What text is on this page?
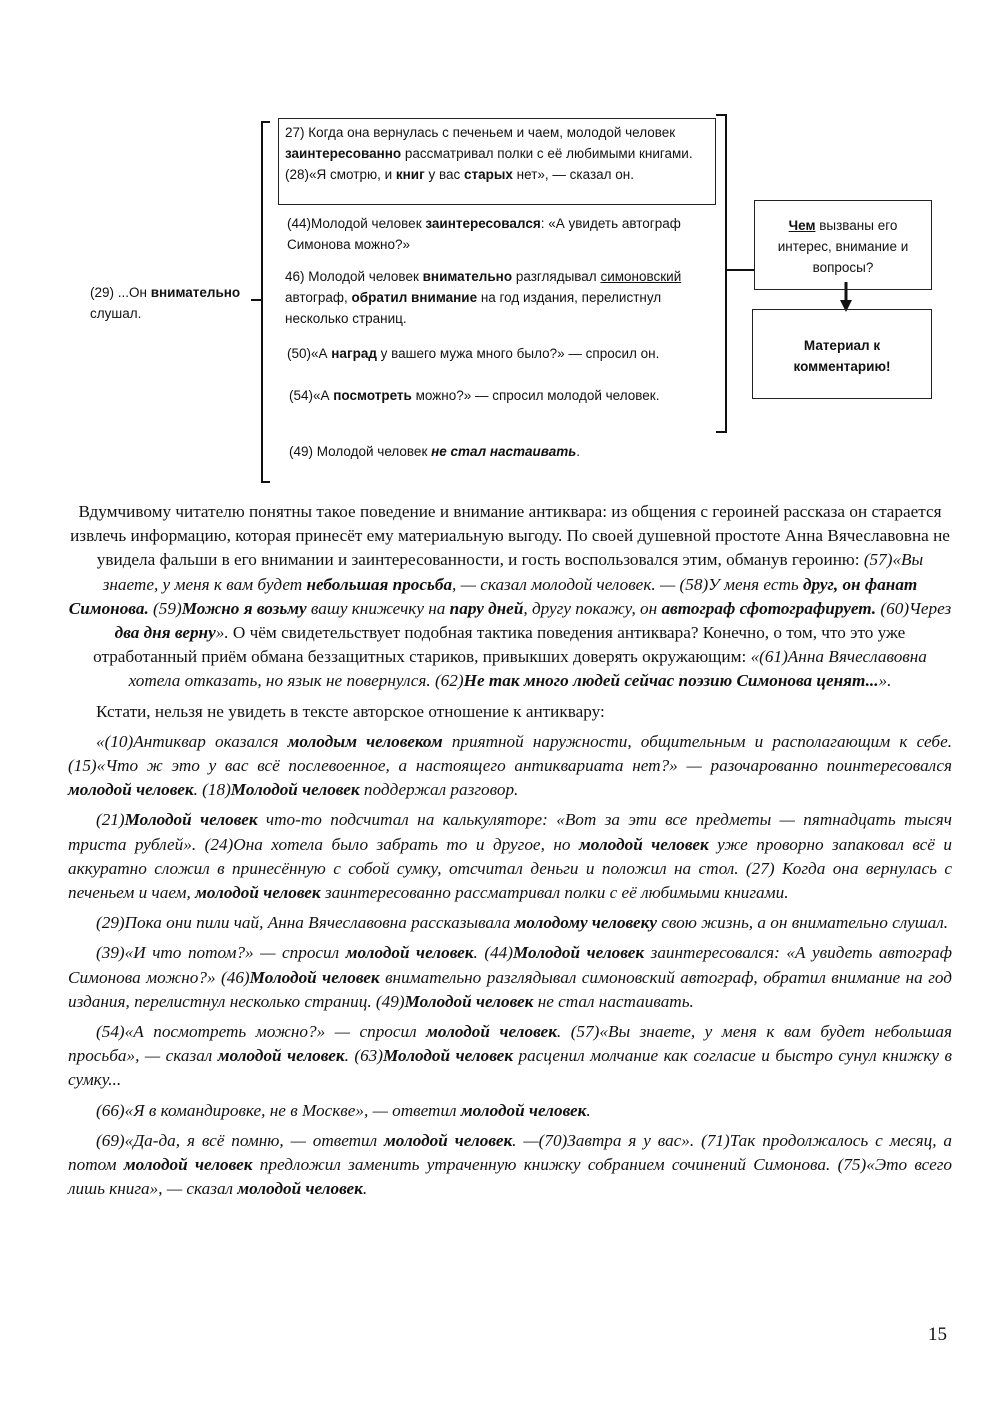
(29) ...Он внимательно слушал.
27) Когда она вернулась с печеньем и чаем, молодой человек заинтересованно рассматривал полки с её любимыми книгами. (28)«Я смотрю, и книг у вас старых нет», — сказал он.
(44)Молодой человек заинтересовался: «А увидеть автограф Симонова можно?»
46) Молодой человек внимательно разглядывал симоновский автограф, обратил внимание на год издания, перелистнул несколько страниц.
(50)«А наград у вашего мужа много было?» — спросил он.
(54)«А посмотреть можно?» — спросил молодой человек.
(49) Молодой человек не стал настаивать.
Чем вызваны его интерес, внимание и вопросы?
Материал к комментарию!

Вдумчивому читателю понятны такое поведение и внимание антиквара: из общения с героиней рассказа он старается извлечь информацию, которая принесёт ему материальную выгоду. По своей душевной простоте Анна Вячеславовна не увидела фальши в его внимании и заинтересованности, и гость воспользовался этим, обманув героиню: (57)«Вы знаете, у меня к вам будет небольшая просьба, — сказал молодой человек. — (58)У меня есть друг, он фанат Симонова. (59)Можно я возьму вашу книжечку на пару дней, другу покажу, он автограф сфотографирует. (60)Через два дня верну». О чём свидетельствует подобная тактика поведения антиквара? Конечно, о том, что это уже отработанный приём обмана беззащитных стариков, привыкших доверять окружающим: «(61)Анна Вячеславовна хотела отказать, но язык не повернулся. (62)Не так много людей сейчас поэзию Симонова ценят...».

Кстати, нельзя не увидеть в тексте авторское отношение к антиквару:

«(10)Антиквар оказался молодым человеком приятной наружности, общительным и располагающим к себе. (15)«Что ж это у вас всё послевоенное, а настоящего антиквариата нет?» — разочарованно поинтересовался молодой человек. (18)Молодой человек поддержал разговор.

(21)Молодой человек что-то подсчитал на калькуляторе: «Вот за эти все предметы — пятнадцать тысяч триста рублей». (24)Она хотела было забрать то и другое, но молодой человек уже проворно запаковал всё и аккуратно сложил в принесённую с собой сумку, отсчитал деньги и положил на стол. (27) Когда она вернулась с печеньем и чаем, молодой человек заинтересованно рассматривал полки с её любимыми книгами.

(29)Пока они пили чай, Анна Вячеславовна рассказывала молодому человеку свою жизнь, а он внимательно слушал.

(39)«И что потом?» — спросил молодой человек. (44)Молодой человек заинтересовался: «А увидеть автограф Симонова можно?» (46)Молодой человек внимательно разглядывал симоновский автограф, обратил внимание на год издания, перелистнул несколько страниц. (49)Молодой человек не стал настаивать.

(54)«А посмотреть можно?» — спросил молодой человек. (57)«Вы знаете, у меня к вам будет небольшая просьба», — сказал молодой человек. (63)Молодой человек расценил молчание как согласие и быстро сунул книжку в сумку...

(66)«Я в командировке, не в Москве», — ответил молодой человек.

(69)«Да-да, я всё помню, — ответил молодой человек. —(70)Завтра я у вас». (71)Так продолжалось с месяц, а потом молодой человек предложил заменить утраченную книжку собранием сочинений Симонова. (75)«Это всего лишь книга», — сказал молодой человек.

15
